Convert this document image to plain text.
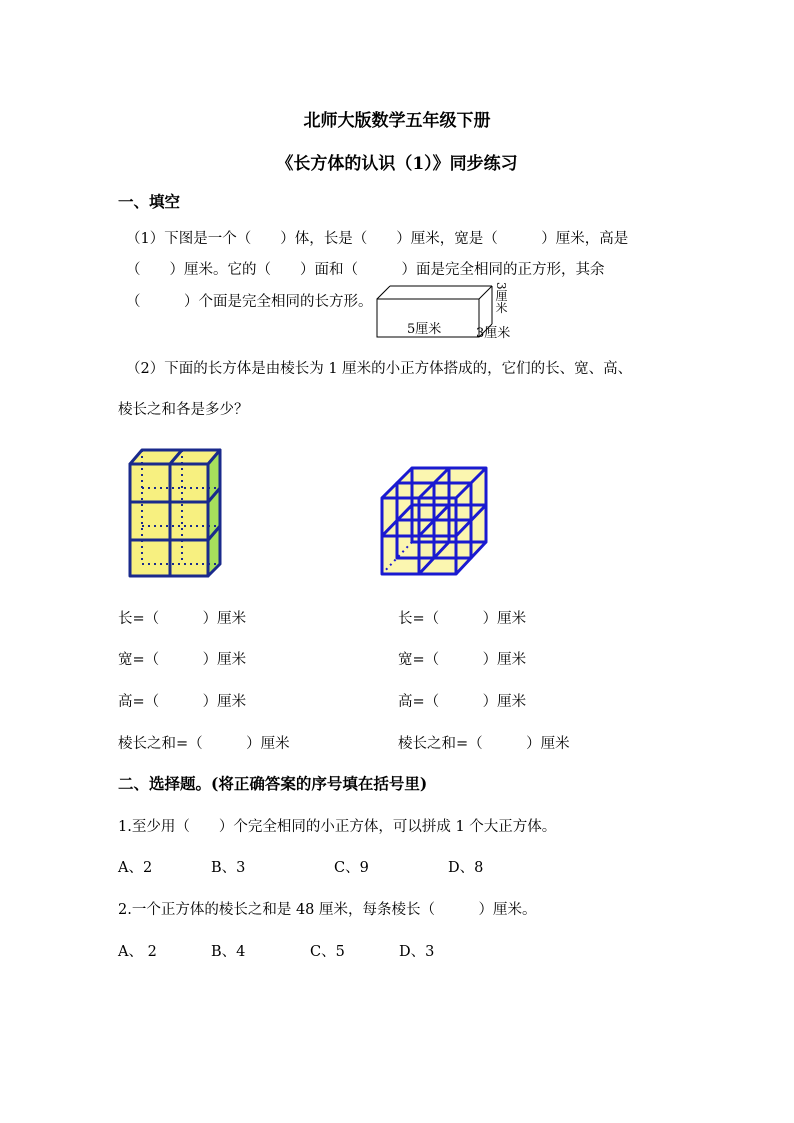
北师大版数学五年级下册
《长方体的认识（1）》同步练习
一、填空
（1）下图是一个（　　）体，长是（　　）厘米，宽是（　　　）厘米，高是
（　　）厘米。它的（　　）面和（　　　）面是完全相同的正方形，其余
（　　　）个面是完全相同的长方形。
5厘米
3厘米
3厘米
（2）下面的长方体是由棱长为 1 厘米的小正方体搭成的，它们的长、宽、高、
棱长之和各是多少？
长=（　　　）厘米
宽=（　　　）厘米
高=（　　　）厘米
棱长之和=（　　　）厘米
长=（　　　）厘米
宽=（　　　）厘米
高=（　　　）厘米
棱长之和=（　　　）厘米
二、选择题。(将正确答案的序号填在括号里)
1.至少用（　　）个完全相同的小正方体，可以拼成 1 个大正方体。
A、2	B、3	C、9	D、8
2.一个正方体的棱长之和是 48 厘米，每条棱长（　　　）厘米。
A、 2	B、4	C、5	D、3
